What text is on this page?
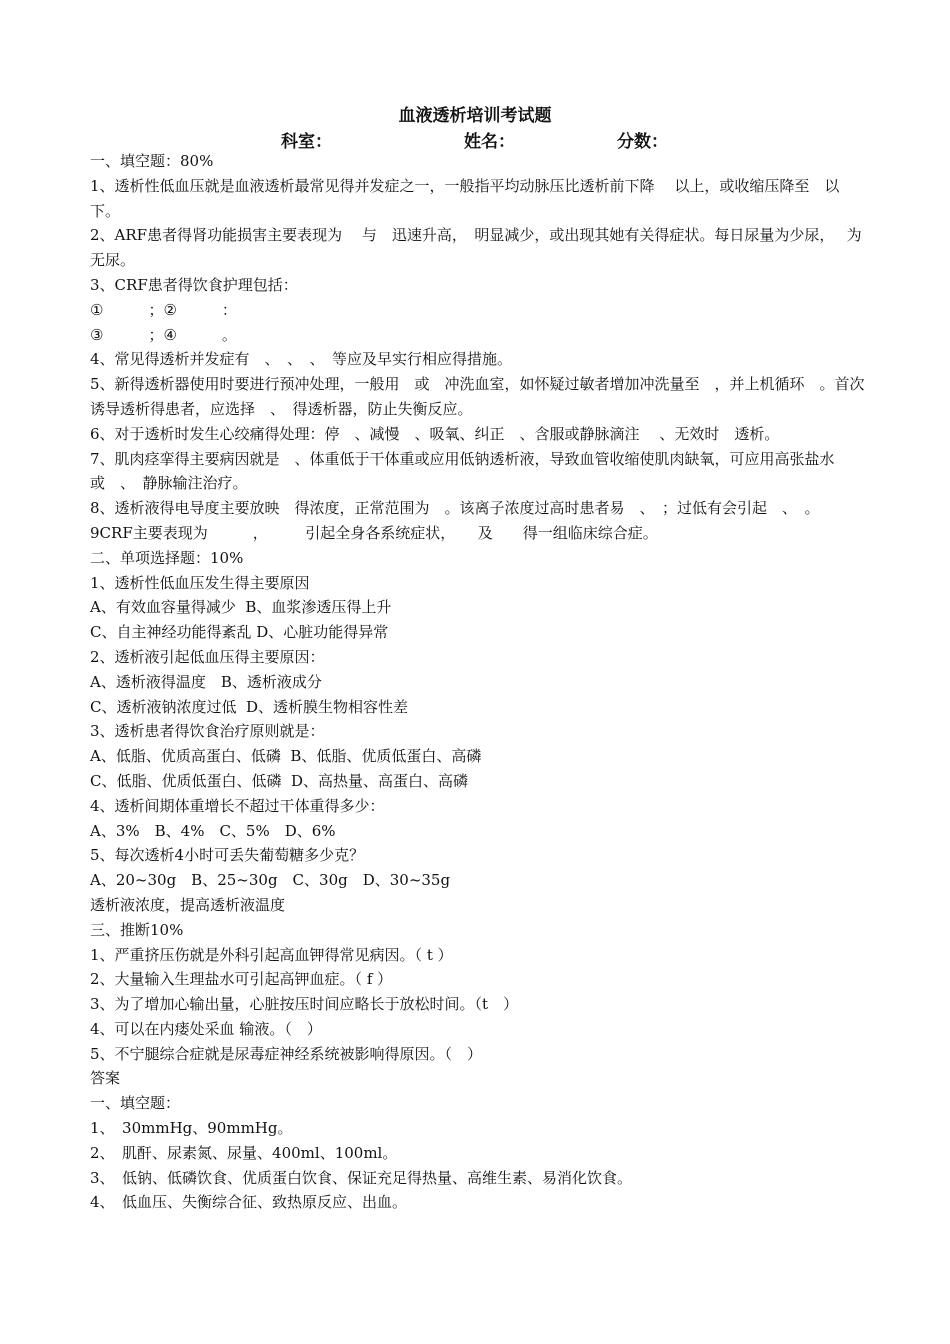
血液透析培训考试题
科室：	姓名：	分数：

一、填空题：80%

1、透析性低血压就是血液透析最常见得并发症之一，一般指平均动脉压比透析前下降　 以上，或收缩压降至　以下。

2、ARF患者得肾功能损害主要表现为　 与　迅速升高，　明显减少，或出现其她有关得症状。每日尿量为少尿，　 为无尿。

3、CRF患者得饮食护理包括：

①　　　；②　　　：

③　　　；④　　　。

4、常见得透析并发症有　、　、　、　等应及早实行相应得措施。

5、新得透析器使用时要进行预冲处理，一般用　或　冲洗血室，如怀疑过敏者增加冲洗量至　，并上机循环　。首次诱导透析得患者，应选择　、　得透析器，防止失衡反应。

6、对于透析时发生心绞痛得处理：停　、减慢　、吸氧、纠正　、含服或静脉滴注　 、无效时　透析。

7、肌肉痉挛得主要病因就是　、体重低于干体重或应用低钠透析液，导致血管收缩使肌肉缺氧，可应用高张盐水或　、　静脉输注治疗。

8、透析液得电导度主要放映　得浓度，正常范围为　。该离子浓度过高时患者易　、　；过低有会引起　、　。

9CRF主要表现为　　　，　　　引起全身各系统症状，　　及　　得一组临床综合症。

二、单项选择题：10%

1、透析性低血压发生得主要原因

A、有效血容量得减少  B、血浆渗透压得上升

C、自主神经功能得紊乱 D、心脏功能得异常

2、透析液引起低血压得主要原因：

A、透析液得温度　B、透析液成分

C、透析液钠浓度过低  D、透析膜生物相容性差

3、透析患者得饮食治疗原则就是：

A、低脂、优质高蛋白、低磷  B、低脂、优质低蛋白、高磷

C、低脂、优质低蛋白、低磷  D、高热量、高蛋白、高磷

4、透析间期体重增长不超过干体重得多少：

A、3%　B、4%　C、5%　D、6%

5、每次透析4小时可丢失葡萄糖多少克？

A、20~30g　B、25~30g　C、30g　D、30~35g

透析液浓度，提高透析液温度

三、推断10%

1、严重挤压伤就是外科引起高血钾得常见病因。（ t ）

2、大量输入生理盐水可引起高钾血症。（ f ）

3、为了增加心输出量，心脏按压时间应略长于放松时间。（t　）

4、可以在内瘘处采血 输液。（　）

5、不宁腿综合症就是尿毒症神经系统被影响得原因。（　）

答案

一、填空题：

1、　30mmHg、90mmHg。

2、　肌酐、尿素氮、尿量、400ml、100ml。

3、　低钠、低磷饮食、优质蛋白饮食、保证充足得热量、高维生素、易消化饮食。

4、　低血压、失衡综合征、致热原反应、出血。
